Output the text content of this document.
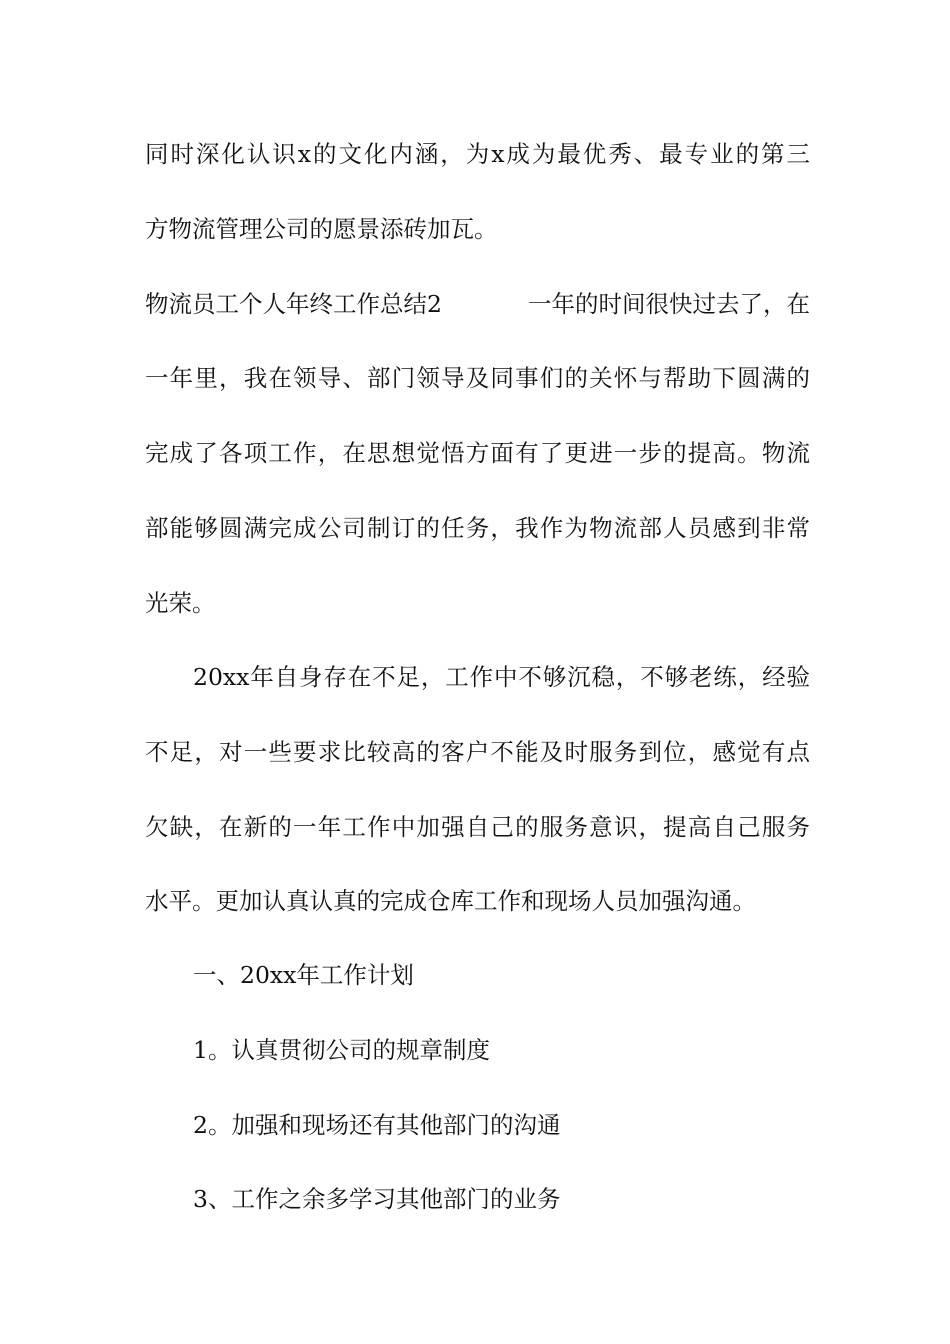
同时深化认识x的文化内涵，为x成为最优秀、最专业的第三
方物流管理公司的愿景添砖加瓦。
物流员工个人年终工作总结2	一年的时间很快过去了，在
一年里，我在领导、部门领导及同事们的关怀与帮助下圆满的
完成了各项工作，在思想觉悟方面有了更进一步的提高。物流
部能够圆满完成公司制订的任务，我作为物流部人员感到非常
光荣。
20xx年自身存在不足，工作中不够沉稳，不够老练，经验
不足，对一些要求比较高的客户不能及时服务到位，感觉有点
欠缺，在新的一年工作中加强自己的服务意识，提高自己服务
水平。更加认真认真的完成仓库工作和现场人员加强沟通。
一、20xx年工作计划
1。认真贯彻公司的规章制度
2。加强和现场还有其他部门的沟通
3、工作之余多学习其他部门的业务
